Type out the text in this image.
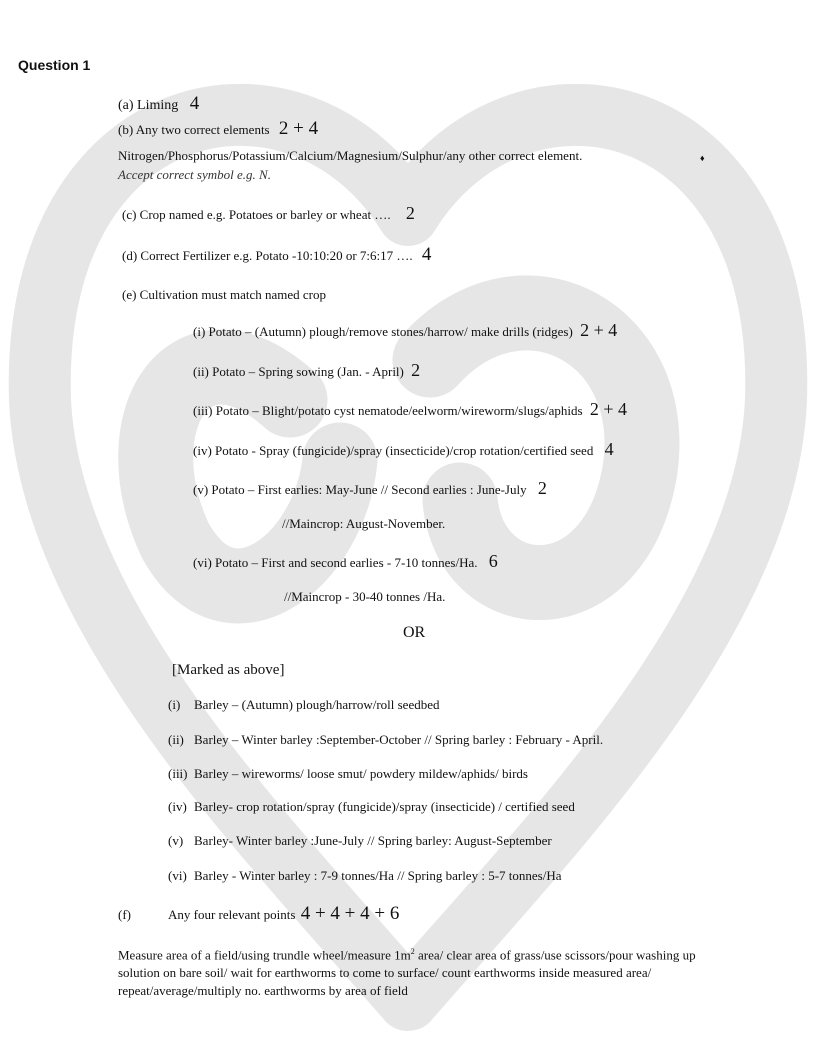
Question 1
(a) Liming 4
(b) Any two correct elements 2 + 4
Nitrogen/Phosphorus/Potassium/Calcium/Magnesium/Sulphur/any other correct element.	♦
Accept correct symbol e.g. N.
(c) Crop named e.g. Potatoes or barley or wheat …. 2
(d) Correct Fertilizer e.g. Potato -10:10:20 or 7:6:17 …. 4
(e) Cultivation must match named crop
(i) Potato – (Autumn) plough/remove stones/harrow/ make drills (ridges) 2 + 4
(ii) Potato – Spring sowing (Jan. - April) 2
(iii) Potato – Blight/potato cyst nematode/eelworm/wireworm/slugs/aphids 2 + 4
(iv) Potato - Spray (fungicide)/spray (insecticide)/crop rotation/certified seed 4
(v) Potato – First earlies: May-June // Second earlies : June-July 2
//Maincrop: August-November.
(vi) Potato – First and second earlies - 7-10 tonnes/Ha. 6
//Maincrop - 30-40 tonnes /Ha.
OR
[Marked as above]
(i) Barley – (Autumn) plough/harrow/roll seedbed
(ii) Barley – Winter barley :September-October // Spring barley : February - April.
(iii) Barley – wireworms/ loose smut/ powdery mildew/aphids/ birds
(iv) Barley- crop rotation/spray (fungicide)/spray (insecticide) / certified seed
(v) Barley- Winter barley :June-July // Spring barley: August-September
(vi) Barley - Winter barley : 7-9 tonnes/Ha // Spring barley : 5-7 tonnes/Ha
(f)	Any four relevant points 4 + 4 + 4 + 6
Measure area of a field/using trundle wheel/measure $1m^2$ area/ clear area of grass/use scissors/pour washing up solution on bare soil/ wait for earthworms to come to surface/ count earthworms inside measured area/ repeat/average/multiply no. earthworms by area of field
